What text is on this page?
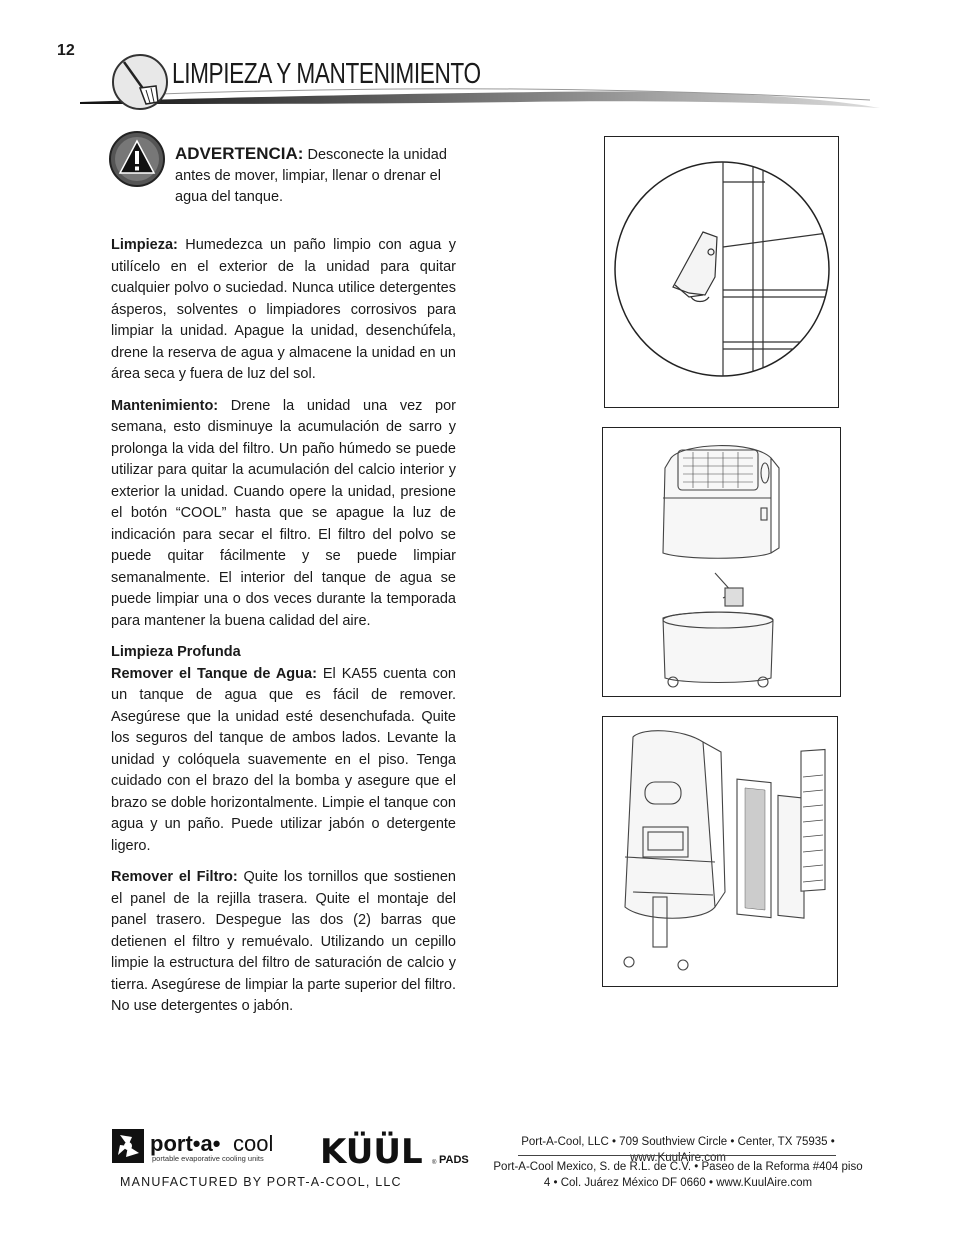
12
LIMPIEZA Y MANTENIMIENTO
ADVERTENCIA: Desconecte la unidad antes de mover, limpiar, llenar o drenar el agua del tanque.

Limpieza: Humedezca un paño limpio con agua y utilícelo en el exterior de la unidad para quitar cualquier polvo o suciedad. Nunca utilice detergentes ásperos, solventes o limpiadores corrosivos para limpiar la unidad. Apague la unidad, desenchúfela, drene la reserva de agua y almacene la unidad en un área seca y fuera de luz del sol.

Mantenimiento: Drene la unidad una vez por semana, esto disminuye la acumulación de sarro y prolonga la vida del filtro. Un paño húmedo se puede utilizar para quitar la acumulación del calcio interior y exterior la unidad. Cuando opere la unidad, presione el botón “COOL” hasta que se apague la luz de indicación para secar el filtro. El filtro del polvo se puede quitar fácilmente y se puede limpiar semanalmente. El interior del tanque de agua se puede limpiar una o dos veces durante la temporada para mantener la buena calidad del aire.

Limpieza Profunda
Remover el Tanque de Agua: El KA55 cuenta con un tanque de agua que es fácil de remover. Asegúrese que la unidad esté desenchufada. Quite los seguros del tanque de ambos lados. Levante la unidad y colóquela suavemente en el piso. Tenga cuidado con el brazo del la bomba y asegure que el brazo se doble horizontalmente. Limpie el tanque con agua y un paño. Puede utilizar jabón o detergente ligero.

Remover el Filtro: Quite los tornillos que sostienen el panel de la rejilla trasera. Quite el montaje del panel trasero. Despegue las dos (2) barras que detienen el filtro y remuévalo. Utilizando un cepillo limpie la estructura del filtro de saturación de calcio y tierra. Asegúrese de limpiar la parte superior del filtro. No use detergentes o jabón.

port•a• cool
portable evaporative cooling units KÜÜL ® PADS
MANUFACTURED BY PORT-A-COOL, LLC
Port-A-Cool, LLC • 709 Southview Circle • Center, TX 75935 • www.KuulAire.com
Port-A-Cool Mexico, S. de R.L. de C.V. • Paseo de la Reforma #404 piso 4 • Col. Juárez México DF 0660 • www.KuulAire.com
